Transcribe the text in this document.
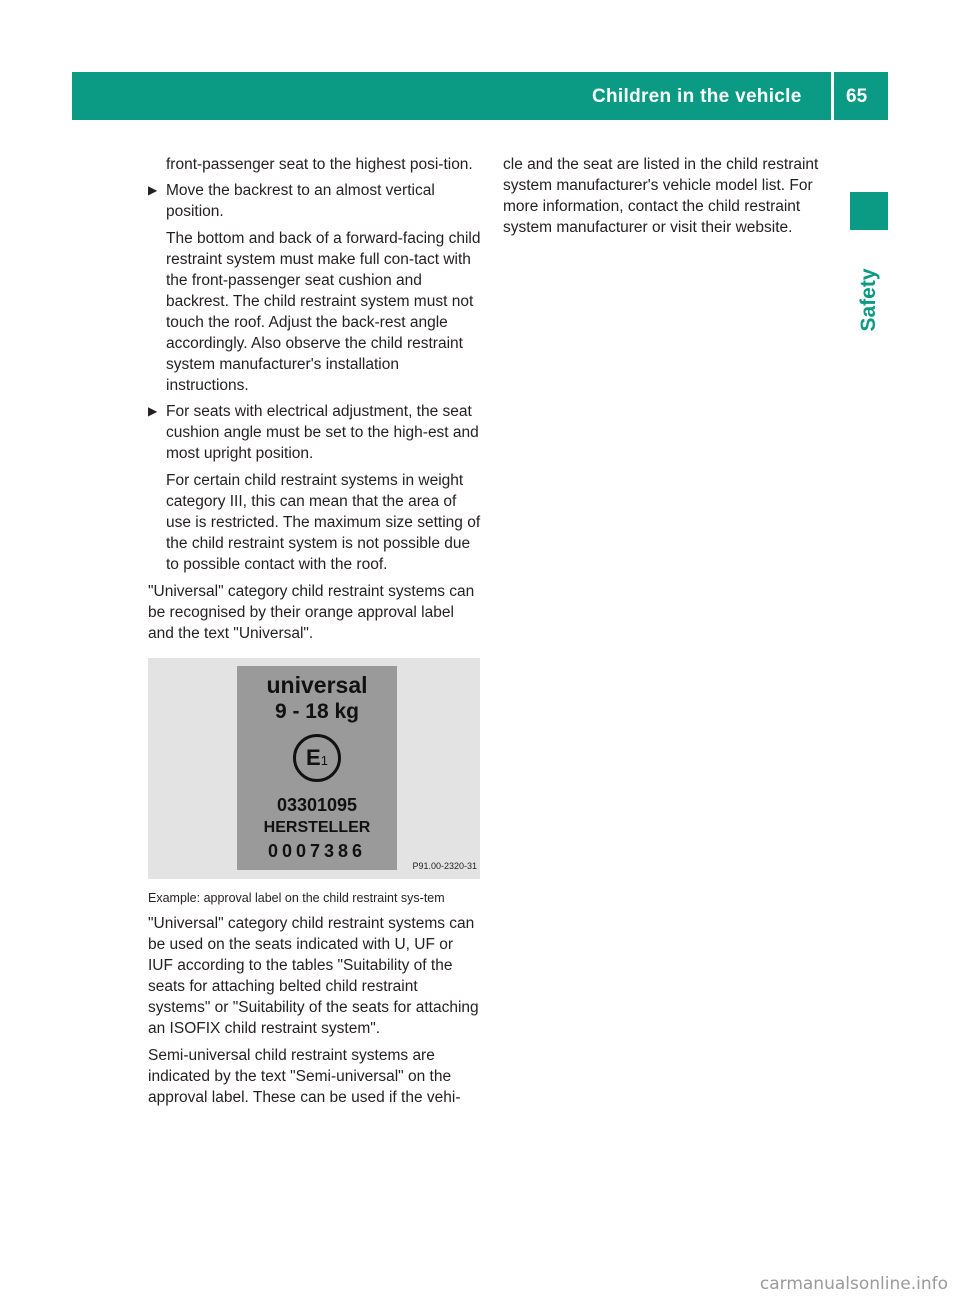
Children in the vehicle	65
Safety

front-passenger seat to the highest posi-tion.

▶ Move the backrest to an almost vertical position.

The bottom and back of a forward-facing child restraint system must make full con-tact with the front-passenger seat cushion and backrest. The child restraint system must not touch the roof. Adjust the back-rest angle accordingly. Also observe the child restraint system manufacturer's installation instructions.

▶ For seats with electrical adjustment, the seat cushion angle must be set to the high-est and most upright position.

For certain child restraint systems in weight category III, this can mean that the area of use is restricted. The maximum size setting of the child restraint system is not possible due to possible contact with the roof.

"Universal" category child restraint systems can be recognised by their orange approval label and the text "Universal".

universal
9 - 18 kg
E1
03301095
HERSTELLER
0007386
P91.00-2320-31

Example: approval label on the child restraint sys-tem

"Universal" category child restraint systems can be used on the seats indicated with U, UF or IUF according to the tables "Suitability of the seats for attaching belted child restraint systems" or "Suitability of the seats for attaching an ISOFIX child restraint system".

Semi-universal child restraint systems are indicated by the text "Semi-universal" on the approval label. These can be used if the vehi-

cle and the seat are listed in the child restraint system manufacturer's vehicle model list. For more information, contact the child restraint system manufacturer or visit their website.

carmanualsonline.info
